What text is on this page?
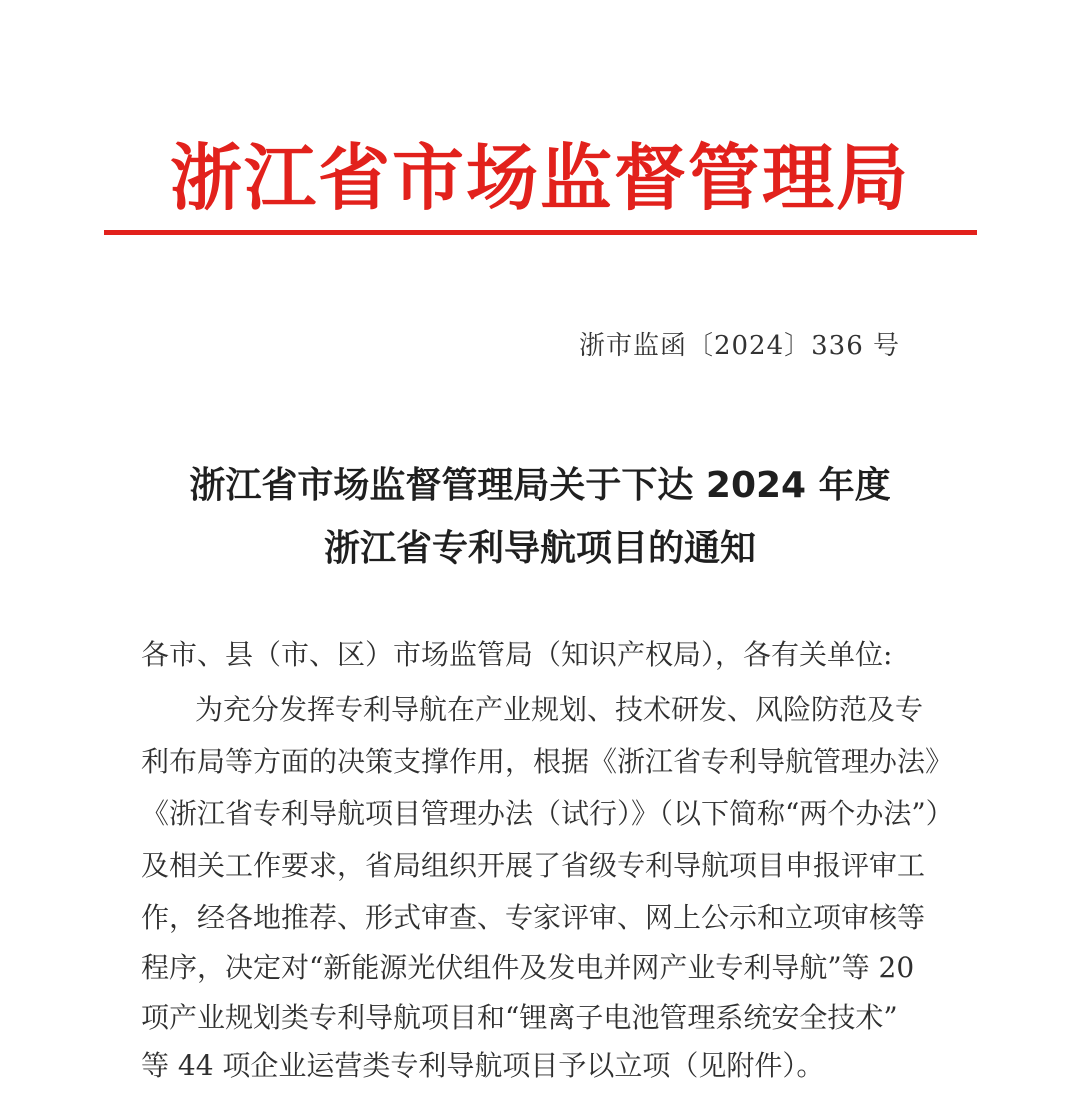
浙江省市场监督管理局
浙市监函〔2024〕336 号
浙江省市场监督管理局关于下达 2024 年度
浙江省专利导航项目的通知
各市、县（市、区）市场监管局（知识产权局），各有关单位:
为充分发挥专利导航在产业规划、技术研发、风险防范及专
利布局等方面的决策支撑作用，根据《浙江省专利导航管理办法》
《浙江省专利导航项目管理办法（试行）》（以下简称“两个办法”）
及相关工作要求，省局组织开展了省级专利导航项目申报评审工
作，经各地推荐、形式审查、专家评审、网上公示和立项审核等
程序，决定对“新能源光伏组件及发电并网产业专利导航”等 20
项产业规划类专利导航项目和“锂离子电池管理系统安全技术”
等 44 项企业运营类专利导航项目予以立项（见附件）。
